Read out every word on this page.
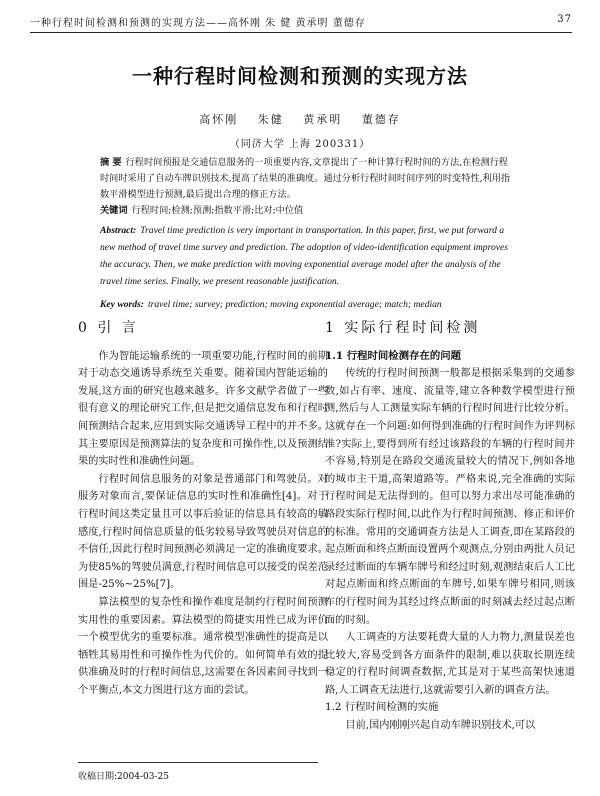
一种行程时间检测和预测的实现方法——高怀刚 朱 健 黄承明 董德存	37
一种行程时间检测和预测的实现方法
高怀刚 朱健 黄承明 董德存
（同济大学 上海 200331）
摘 要 行程时间预报是交通信息服务的一项重要内容,文章提出了一种计算行程时间的方法,在检测行程时间时采用了自动车牌识别技术,提高了结果的准确度。通过分析行程时间时间序列的时变特性,利用指数平滑模型进行预测,最后提出合理的修正方法。
关键词 行程时间;检测;预测;指数平滑;比对;中位值
Abstract: Travel time prediction is very important in transportation. In this paper, first, we put forward a new method of travel time survey and prediction. The adoption of video-identification equipment improves the accuracy. Then, we make prediction with moving exponential average model after the analysis of the travel time series. Finally, we present reasonable justification.
Key words: travel time; survey; prediction; moving exponential average; match; median
0 引 言

作为智能运输系统的一项重要功能,行程时间的前期对于动态交通诱导系统至关重要。随着国内智能运输的发展,这方面的研究也越来越多。许多文献学者做了一些很有意义的理论研究工作,但是把交通信息发布和行程时间预测结合起来,应用到实际交通诱导工程中的并不多。其主要原因是预测算法的复杂度和可操作性,以及预测结果的实时性和准确性问题。

行程时间信息服务的对象是普通部门和驾驶员。对服务对象而言,要保证信息的实时性和准确性[4]。对于行程时间这类定量且可以事后验证的信息具有较高的敏感度,行程时间信息质量的低劣较易导致驾驶员对信息的不信任,因此行程时间预测必须满足一定的准确度要求。为使85%的驾驶员满意,行程时间信息可以接受的误差范围是-25%~25%[7]。

算法模型的复杂性和操作难度是制约行程时间预测实用性的重要因素。算法模型的简捷实用性已成为评价一个模型优劣的重要标准。通常模型准确性的提高是以牺牲其易用性和可操作性为代价的。如何简单有效的提供准确及时的行程时间信息,这需要在各因素间寻找到一个平衡点,本文力图进行这方面的尝试。

收稿日期:2004-03-25
1 实际行程时间检测
1.1 行程时间检测存在的问题

传统的行程时间预测一般都是根据采集到的交通参数,如占有率、速度、流量等,建立各种数学模型进行预测,然后与人工测量实际车辆的行程时间进行比较分析。这就存在一个问题:如何得到准确的行程时间作为评判标准?实际上,要得到所有经过该路段的车辆的行程时间并不容易,特别是在路段交通流量较大的情况下,例如各地的城市主干道,高架道路等。严格来说,完全准确的实际行程时间是无法得到的。但可以努力求出尽可能准确的路段实际行程时间,以此作为行程时间预测、修正和评价的标准。常用的交通调查方法是人工调查,即在某路段的起点断面和终点断面设置两个观测点,分别由两批人员记录经过断面的车辆车牌号和经过时刻,观测结束后人工比对起点断面和终点断面的车牌号,如果车牌号相同,则该车的行程时间为其经过终点断面的时刻减去经过起点断面的时刻。

人工调查的方法要耗费大量的人力物力,测量误差也比较大,容易受到各方面条件的限制,难以获取长期连续稳定的行程时间调查数据,尤其是对于某些高架快速道路,人工调查无法进行,这就需要引入新的调查方法。

1.2 行程时间检测的实施

目前,国内刚刚兴起自动车牌识别技术,可以
